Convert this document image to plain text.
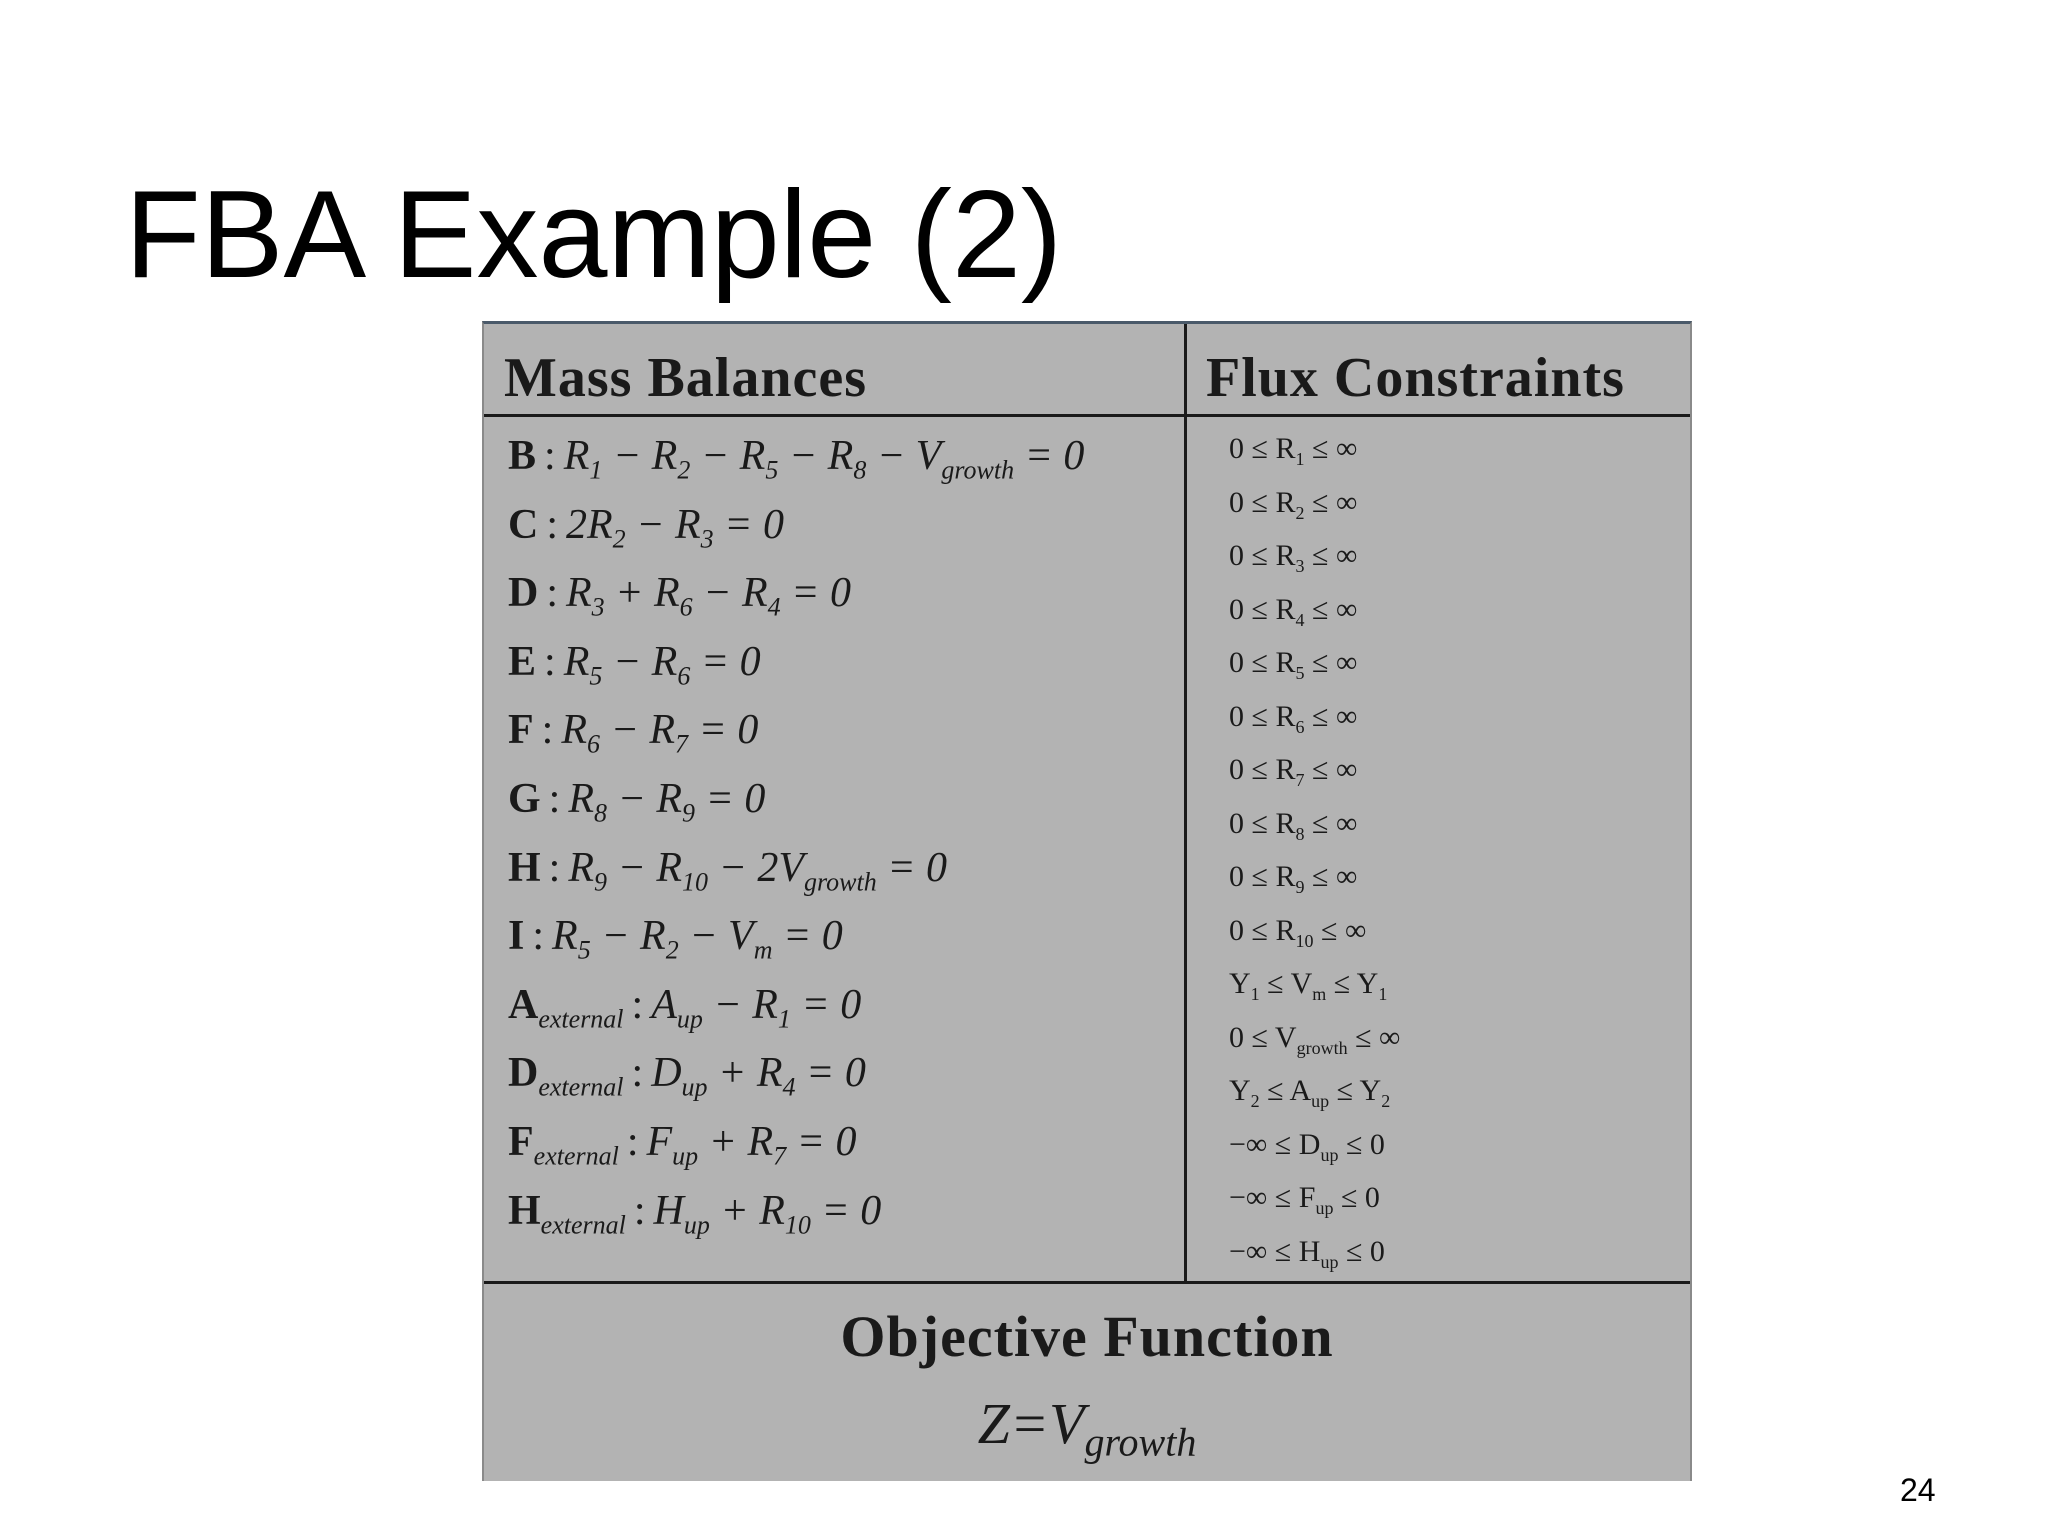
FBA Example (2)
Mass Balances	Flux Constraints
B : $R_1 - R_2 - R_5 - R_8 - V_{growth} = 0$
C : $2R_2 - R_3 = 0$
D : $R_3 + R_6 - R_4 = 0$
E : $R_5 - R_6 = 0$
F : $R_6 - R_7 = 0$
G : $R_8 - R_9 = 0$
H : $R_9 - R_{10} - 2V_{growth} = 0$
I : $R_5 - R_2 - V_m = 0$
$A_{external}$ : $A_{up} - R_1 = 0$
$D_{external}$ : $D_{up} + R_4 = 0$
$F_{external}$ : $F_{up} + R_7 = 0$
$H_{external}$ : $H_{up} + R_{10} = 0$
$0 \le R_1$ ≤ ∞
$0 \le R_2$ ≤ ∞
$0 \le R_3$ ≤ ∞
$0 \le R_4$ ≤ ∞
$0 \le R_5$ ≤ ∞
$0 \le R_6$ ≤ ∞
$0 \le R_7$ ≤ ∞
$0 \le R_8$ ≤ ∞
$0 \le R_9$ ≤ ∞
$0 \le R_{10}$ ≤ ∞
$Y_1 \le V_m \le Y_1$
$0 \le V_{growth}$ ≤ ∞
$Y_2 \le A_{up} \le Y_2$
−∞ ≤ $D_{up} \le 0$
−∞ ≤ $F_{up} \le 0$
−∞ ≤ $H_{up} \le 0$
Objective Function
$Z=V_{growth}$
24
